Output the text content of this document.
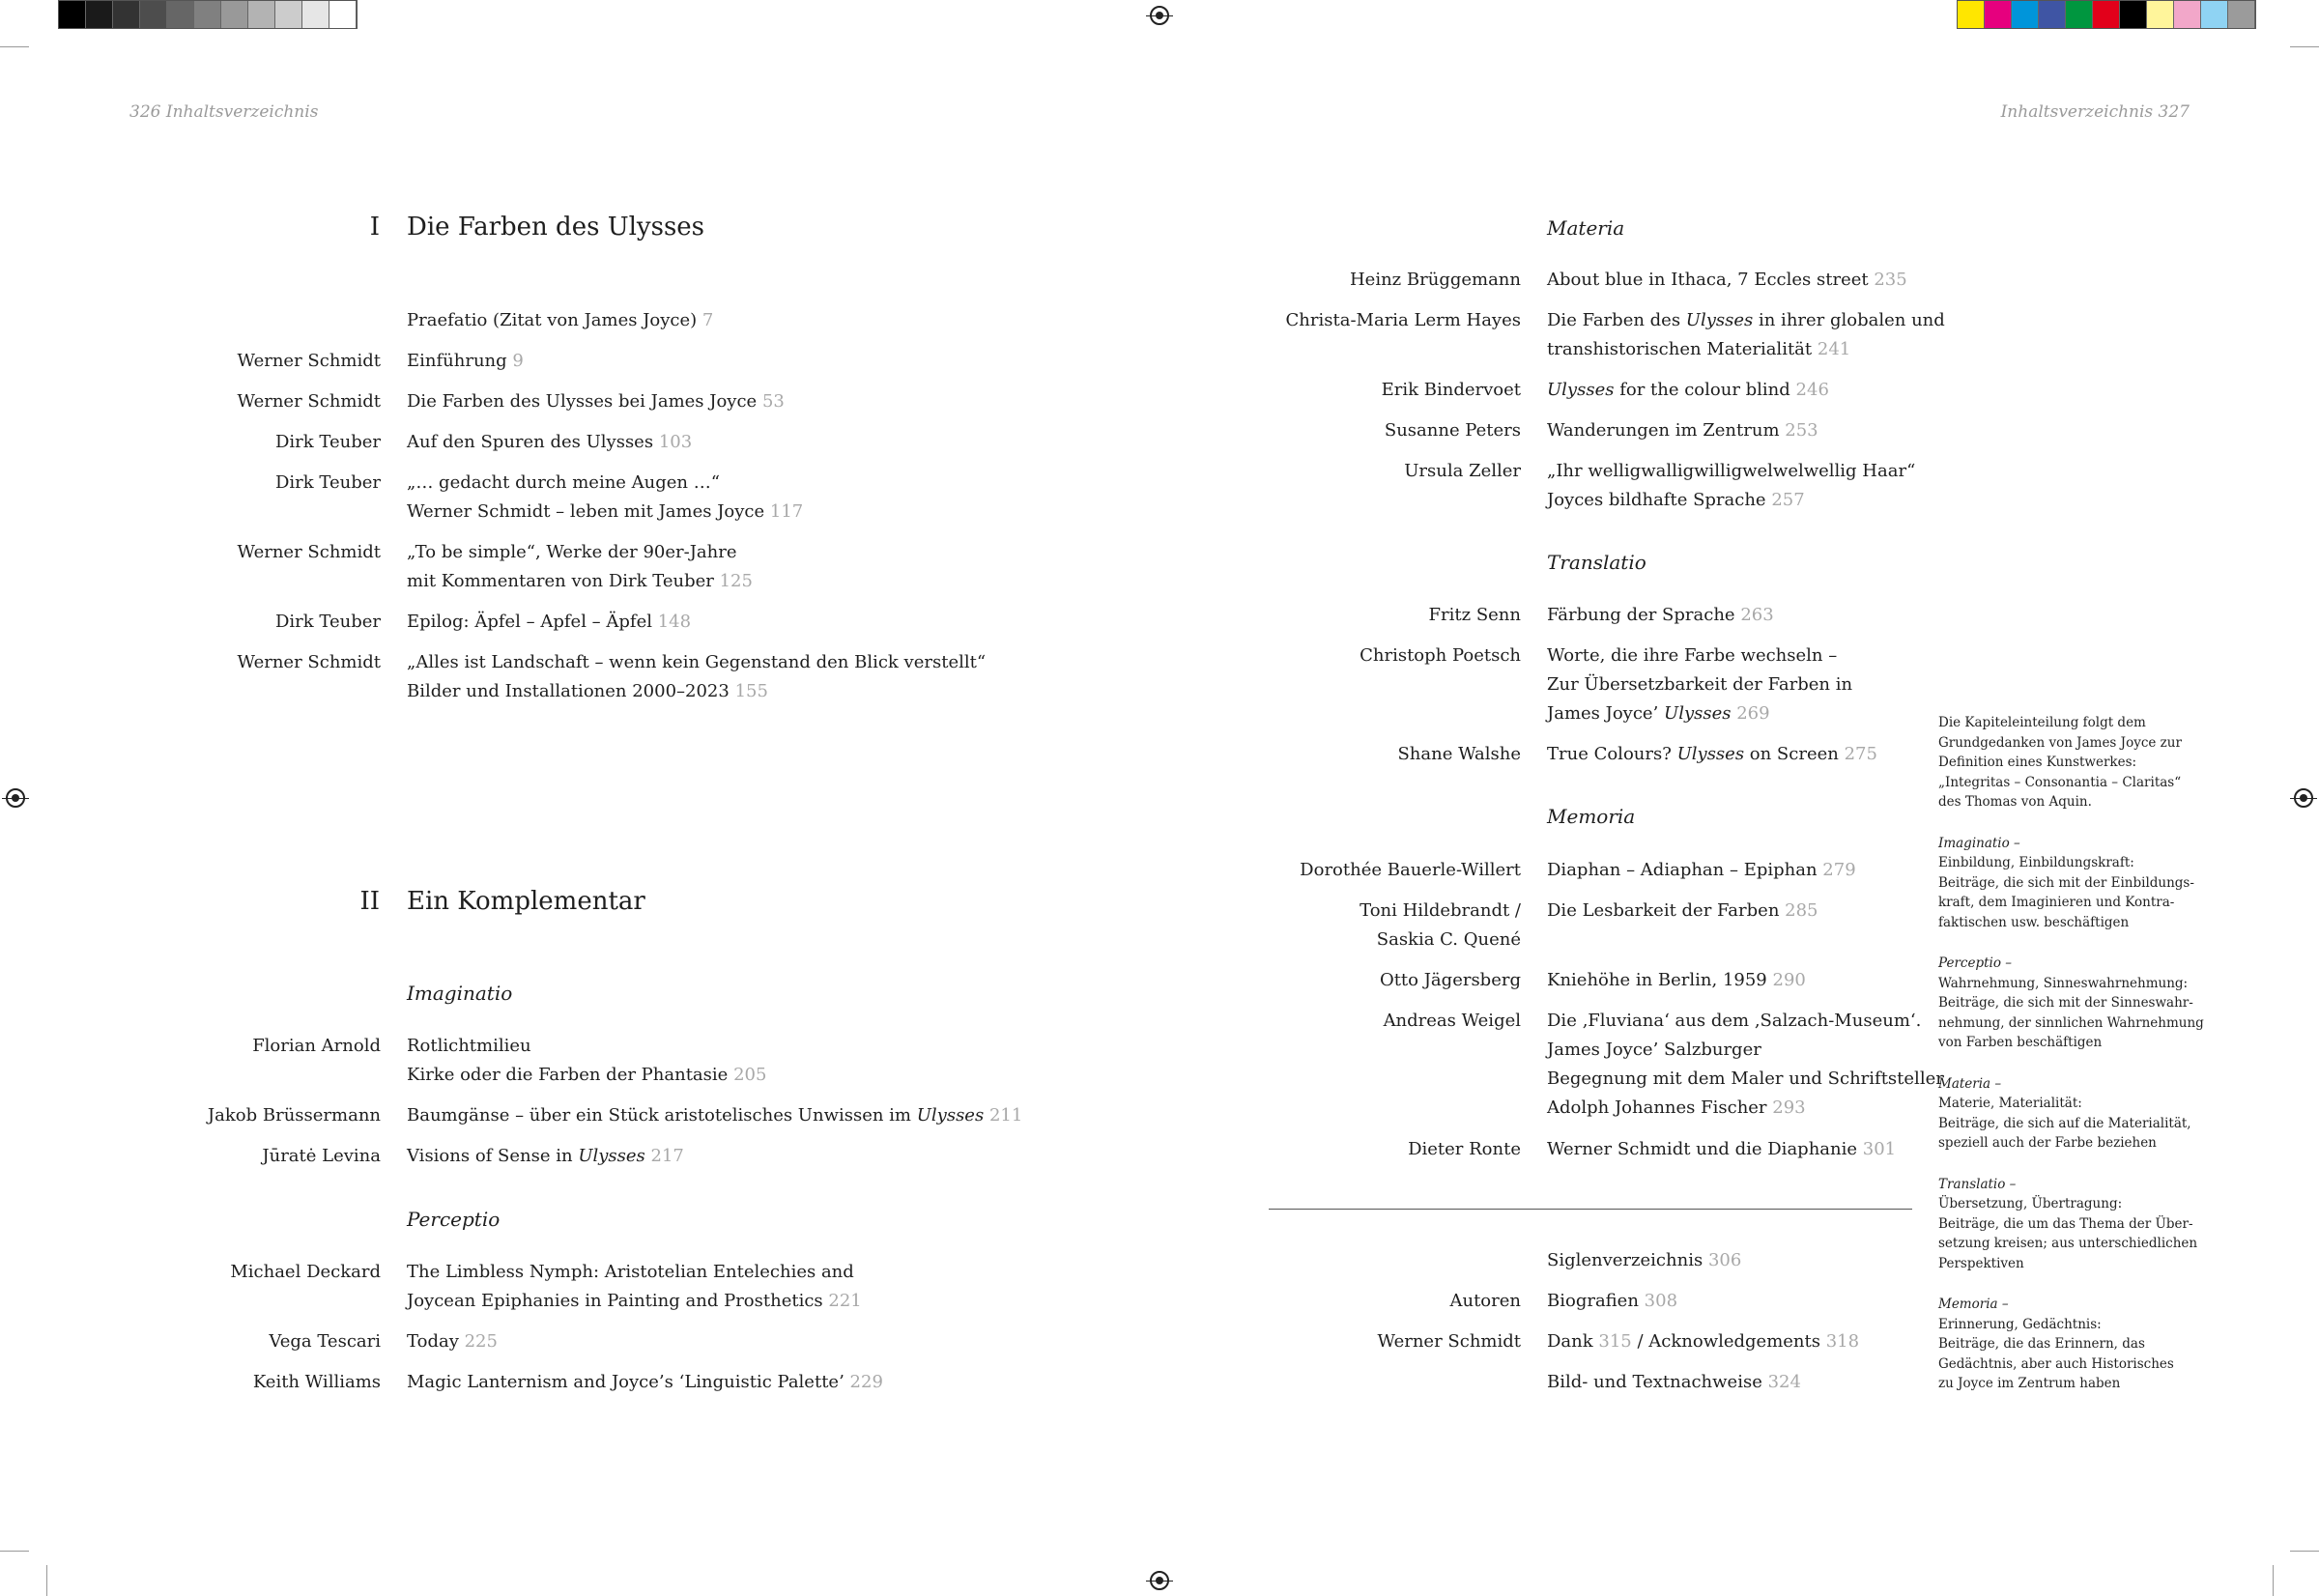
326 Inhaltsverzeichnis	Inhaltsverzeichnis 327
I Die Farben des Ulysses
Praefatio (Zitat von James Joyce) 7
Werner Schmidt Einführung 9
Werner Schmidt Die Farben des Ulysses bei James Joyce 53
Dirk Teuber Auf den Spuren des Ulysses 103
Dirk Teuber „… gedacht durch meine Augen …“
Werner Schmidt – leben mit James Joyce 117
Werner Schmidt „To be simple“, Werke der 90er-Jahre
mit Kommentaren von Dirk Teuber 125
Dirk Teuber Epilog: Äpfel – Apfel – Äpfel 148
Werner Schmidt „Alles ist Landschaft – wenn kein Gegenstand den Blick verstellt“
Bilder und Installationen 2000–2023 155
II Ein Komplementar
Imaginatio
Florian Arnold Rotlichtmilieu
Kirke oder die Farben der Phantasie 205
Jakob Brüssermann Baumgänse – über ein Stück aristotelisches Unwissen im Ulysses 211
Jūratė Levina Visions of Sense in Ulysses 217
Perceptio
Michael Deckard The Limbless Nymph: Aristotelian Entelechies and
Joycean Epiphanies in Painting and Prosthetics 221
Vega Tescari Today 225
Keith Williams Magic Lanternism and Joyce’s ‘Linguistic Palette’ 229
Materia
Heinz Brüggemann About blue in Ithaca, 7 Eccles street 235
Christa-Maria Lerm Hayes Die Farben des Ulysses in ihrer globalen und
transhistorischen Materialität 241
Erik Bindervoet Ulysses for the colour blind 246
Susanne Peters Wanderungen im Zentrum 253
Ursula Zeller „Ihr welligwalligwilligwelwelwellig Haar“
Joyces bildhafte Sprache 257
Translatio
Fritz Senn Färbung der Sprache 263
Christoph Poetsch Worte, die ihre Farbe wechseln –
Zur Übersetzbarkeit der Farben in
James Joyce’ Ulysses 269
Shane Walshe True Colours? Ulysses on Screen 275
Memoria
Dorothée Bauerle-Willert Diaphan – Adiaphan – Epiphan 279
Toni Hildebrandt /
Saskia C. Quené
Die Lesbarkeit der Farben 285
Otto Jägersberg Kniehöhe in Berlin, 1959 290
Andreas Weigel Die ‚Fluviana‘ aus dem ‚Salzach-Museum‘.
James Joyce’ Salzburger
Begegnung mit dem Maler und Schriftsteller
Adolph Johannes Fischer 293
Dieter Ronte Werner Schmidt und die Diaphanie 301
Siglenverzeichnis 306
Autoren Biografien 308
Werner Schmidt Dank 315 / Acknowledgements 318
Bild- und Textnachweise 324
Die Kapiteleinteilung folgt dem
Grundgedanken von James Joyce zur
Definition eines Kunstwerkes:
„Integritas – Consonantia – Claritas“
des Thomas von Aquin.
Imaginatio –
Einbildung, Einbildungskraft:
Beiträge, die sich mit der Einbildungs-
kraft, dem Imaginieren und Kontra-
faktischen usw. beschäftigen
Perceptio –
Wahrnehmung, Sinneswahrnehmung:
Beiträge, die sich mit der Sinneswahr-
nehmung, der sinnlichen Wahrnehmung
von Farben beschäftigen
Materia –
Materie, Materialität:
Beiträge, die sich auf die Materialität,
speziell auch der Farbe beziehen
Translatio –
Übersetzung, Übertragung:
Beiträge, die um das Thema der Über-
setzung kreisen; aus unterschiedlichen
Perspektiven
Memoria –
Erinnerung, Gedächtnis:
Beiträge, die das Erinnern, das
Gedächtnis, aber auch Historisches
zu Joyce im Zentrum haben
